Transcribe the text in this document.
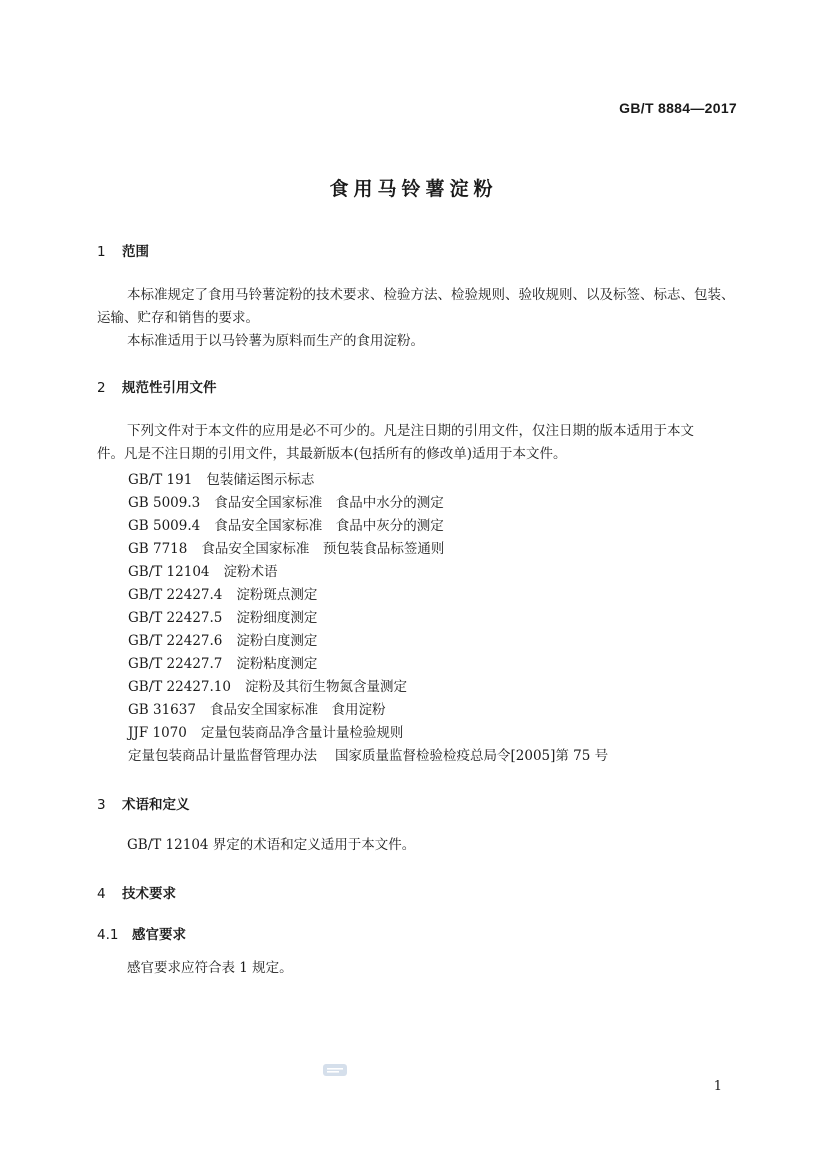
GB/T 8884—2017
食用马铃薯淀粉
1 范围
本标准规定了食用马铃薯淀粉的技术要求、检验方法、检验规则、验收规则、以及标签、标志、包装、
运输、贮存和销售的要求。
本标准适用于以马铃薯为原料而生产的食用淀粉。
2 规范性引用文件
下列文件对于本文件的应用是必不可少的。凡是注日期的引用文件，仅注日期的版本适用于本文
件。凡是不注日期的引用文件，其最新版本(包括所有的修改单)适用于本文件。
GB/T 191 包装储运图示标志
GB 5009.3 食品安全国家标准　食品中水分的测定
GB 5009.4 食品安全国家标准　食品中灰分的测定
GB 7718 食品安全国家标准　预包装食品标签通则
GB/T 12104 淀粉术语
GB/T 22427.4 淀粉斑点测定
GB/T 22427.5 淀粉细度测定
GB/T 22427.6 淀粉白度测定
GB/T 22427.7 淀粉粘度测定
GB/T 22427.10 淀粉及其衍生物氮含量测定
GB 31637 食品安全国家标准　食用淀粉
JJF 1070 定量包装商品净含量计量检验规则
定量包装商品计量监督管理办法 国家质量监督检验检疫总局令[2005]第 75 号
3 术语和定义
GB/T 12104 界定的术语和定义适用于本文件。
4 技术要求
4.1 感官要求
感官要求应符合表 1 规定。
1
